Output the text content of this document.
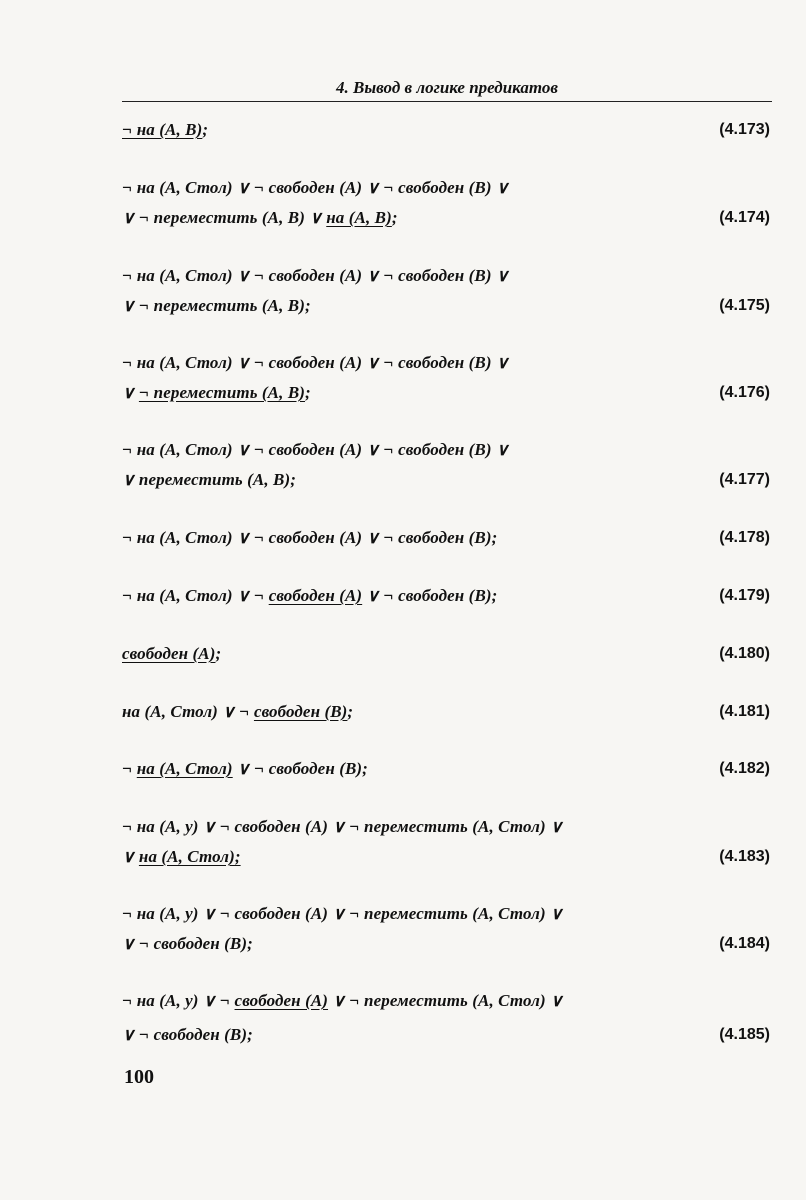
4. Вывод в логике предикатов
¬ на (A, B);	(4.173)
¬ на (A, Стол) ∨ ¬ свободен (A) ∨ ¬ свободен (B) ∨
∨ ¬ переместить (A, B) ∨ на (A, B);	(4.174)
¬ на (A, Стол) ∨ ¬ свободен (A) ∨ ¬ свободен (B) ∨
∨ ¬ переместить (A, B);	(4.175)
¬ на (A, Стол) ∨ ¬ свободен (A) ∨ ¬ свободен (B) ∨
∨ ¬ переместить (A, B);	(4.176)
¬ на (A, Стол) ∨ ¬ свободен (A) ∨ ¬ свободен (B) ∨
∨ переместить (A, B);	(4.177)
¬ на (A, Стол) ∨ ¬ свободен (A) ∨ ¬ свободен (B);	(4.178)
¬ на (A, Стол) ∨ ¬ свободен (A) ∨ ¬ свободен (B);	(4.179)
свободен (A);	(4.180)
на (A, Стол) ∨ ¬ свободен (B);	(4.181)
¬ на (A, Стол) ∨ ¬ свободен (B);	(4.182)
¬ на (A, y) ∨ ¬ свободен (A) ∨ ¬ переместить (A, Стол) ∨
∨ на (A, Стол);	(4.183)
¬ на (A, y) ∨ ¬ свободен (A) ∨ ¬ переместить (A, Стол) ∨
∨ ¬ свободен (B);	(4.184)
¬ на (A, y) ∨ ¬ свободен (A) ∨ ¬ переместить (A, Стол) ∨
∨ ¬ свободен (B);	(4.185)
100
